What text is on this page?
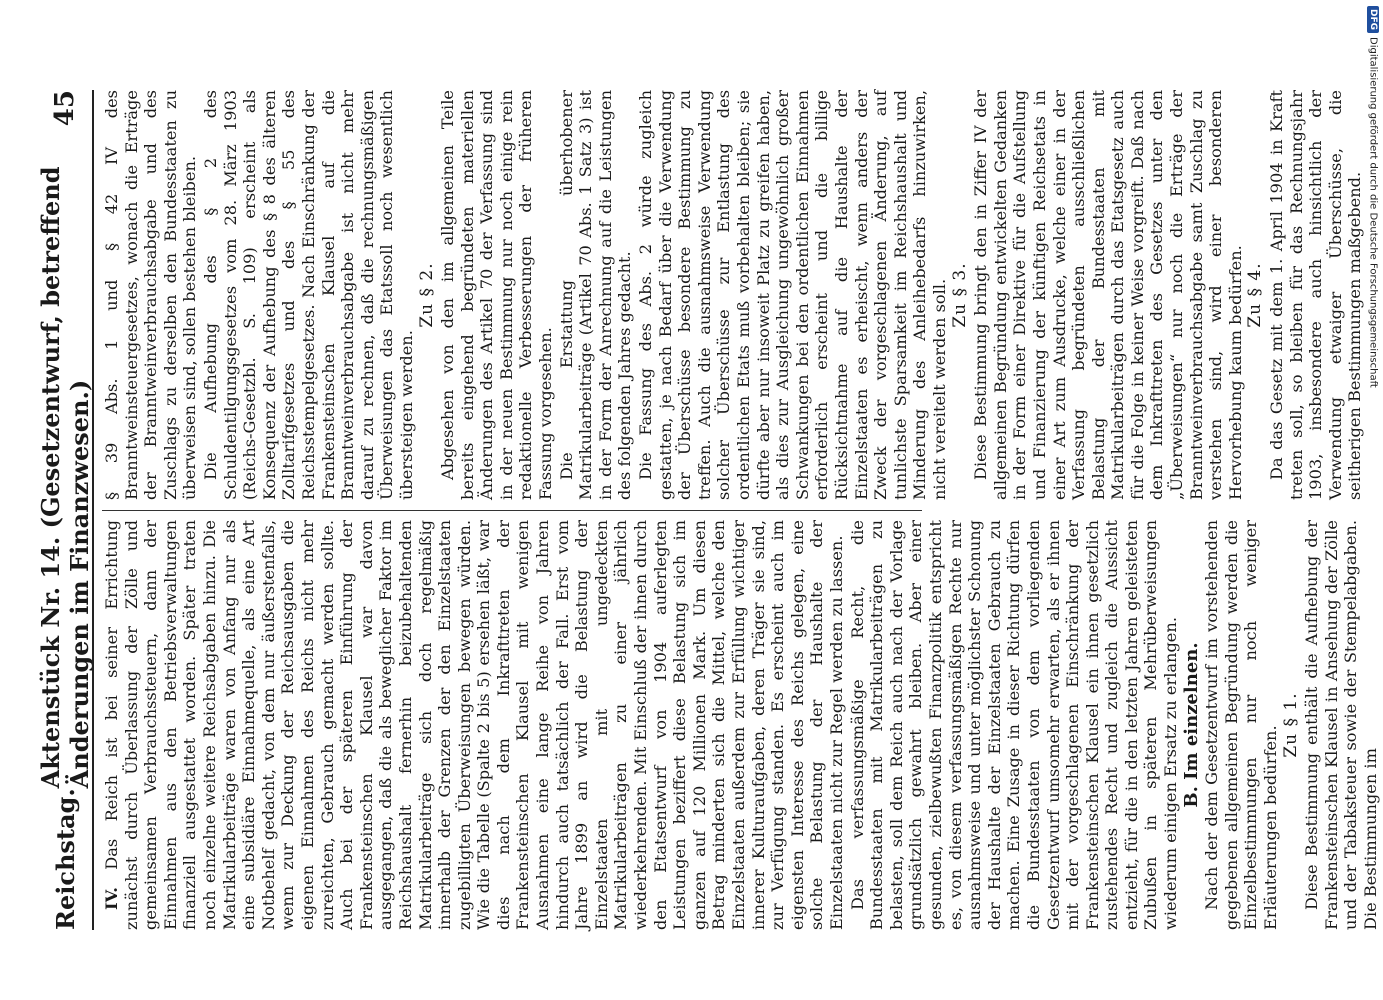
Reichstag.
Aktenstück Nr. 14. (Gesetzentwurf, betreffend Änderungen im Finanzwesen.)
45

IV. Das Reich ist bei seiner Errichtung zunächst durch Überlassung der Zölle und gemeinsamen Verbrauchssteuern, dann der Einnahmen aus den Betriebsverwaltungen finanziell ausgestattet worden. Später traten noch einzelne weitere Reichsabgaben hinzu. Die Matrikularbeiträge waren von Anfang nur als eine subsidiäre Einnahmequelle, als eine Art Notbehelf gedacht, von dem nur äußerstenfalls, wenn zur Deckung der Reichsausgaben die eigenen Einnahmen des Reichs nicht mehr zureichten, Gebrauch gemacht werden sollte. Auch bei der späteren Einführung der Frankensteinschen Klausel war davon ausgegangen, daß die als beweglicher Faktor im Reichshaushalt fernerhin beizubehaltenden Matrikularbeiträge sich doch regelmäßig innerhalb der Grenzen der den Einzelstaaten zugebilligten Überweisungen bewegen würden. Wie die Tabelle (Spalte 2 bis 5) ersehen läßt, war dies nach dem Inkrafttreten der Frankensteinschen Klausel mit wenigen Ausnahmen eine lange Reihe von Jahren hindurch auch tatsächlich der Fall. Erst vom Jahre 1899 an wird die Belastung der Einzelstaaten mit ungedeckten Matrikularbeiträgen zu einer jährlich wiederkehrenden. Mit Einschluß der ihnen durch den Etatsentwurf von 1904 auferlegten Leistungen beziffert diese Belastung sich im ganzen auf 120 Millionen Mark. Um diesen Betrag minderten sich die Mittel, welche den Einzelstaaten außerdem zur Erfüllung wichtiger innerer Kulturaufgaben, deren Träger sie sind, zur Verfügung standen. Es erscheint auch im eigensten Interesse des Reichs gelegen, eine solche Belastung der Haushalte der Einzelstaaten nicht zur Regel werden zu lassen. Das verfassungsmäßige Recht, die Bundesstaaten mit Matrikularbeiträgen zu belasten, soll dem Reich auch nach der Vorlage grundsätzlich gewahrt bleiben. Aber einer gesunden, zielbewußten Finanzpolitik entspricht es, von diesem verfassungsmäßigen Rechte nur ausnahmsweise und unter möglichster Schonung der Haushalte der Einzelstaaten Gebrauch zu machen. Eine Zusage in dieser Richtung dürfen die Bundesstaaten von dem vorliegenden Gesetzentwurf umsomehr erwarten, als er ihnen mit der vorgeschlagenen Einschränkung der Frankensteinschen Klausel ein ihnen gesetzlich zustehendes Recht und zugleich die Aussicht entzieht, für die in den letzten Jahren geleisteten Zubußen in späteren Mehrüberweisungen wiederum einigen Ersatz zu erlangen. B. Im einzelnen. Nach der dem Gesetzentwurf im vorstehenden gegebenen allgemeinen Begründung werden die Einzelbestimmungen nur noch weniger Erläuterungen bedürfen.

Zu § 1. Diese Bestimmung enthält die Aufhebung der Frankensteinschen Klausel in Ansehung der Zölle und der Tabaksteuer sowie der Stempelabgaben. Die Bestimmungen im

§ 39 Abs. 1 und § 42 IV des Branntweinsteuergesetzes, wonach die Erträge der Branntweinverbrauchsabgabe und des Zuschlags zu derselben den Bundesstaaten zu überweisen sind, sollen bestehen bleiben. Die Aufhebung des § 2 des Schuldentilgungsgesetzes vom 28. März 1903 (Reichs-Gesetzbl. S. 109) erscheint als Konsequenz der Aufhebung des § 8 des älteren Zolltarifgesetzes und des § 55 des Reichsstempelgesetzes. Nach Einschränkung der Frankensteinschen Klausel auf die Branntweinverbrauchsabgabe ist nicht mehr darauf zu rechnen, daß die rechnungsmäßigen Überweisungen das Etatssoll noch wesentlich übersteigen werden.

Zu § 2. Abgesehen von den im allgemeinen Teile bereits eingehend begründeten materiellen Änderungen des Artikel 70 der Verfassung sind in der neuen Bestimmung nur noch einige rein redaktionelle Verbesserungen der früheren Fassung vorgesehen. Die Erstattung überhobener Matrikularbeiträge (Artikel 70 Abs. 1 Satz 3) ist in der Form der Anrechnung auf die Leistungen des folgenden Jahres gedacht. Die Fassung des Abs. 2 würde zugleich gestatten, je nach Bedarf über die Verwendung der Überschüsse besondere Bestimmung zu treffen. Auch die ausnahmsweise Verwendung solcher Überschüsse zur Entlastung des ordentlichen Etats muß vorbehalten bleiben; sie dürfte aber nur insoweit Platz zu greifen haben, als dies zur Ausgleichung ungewöhnlich großer Schwankungen bei den ordentlichen Einnahmen erforderlich erscheint und die billige Rücksichtnahme auf die Haushalte der Einzelstaaten es erheischt, wenn anders der Zweck der vorgeschlagenen Änderung, auf tunlichste Sparsamkeit im Reichshaushalt und Minderung des Anleihebedarfs hinzuwirken, nicht vereitelt werden soll. Zu § 3. Diese Bestimmung bringt den in Ziffer IV der allgemeinen Begründung entwickelten Gedanken in der Form einer Direktive für die Aufstellung und Finanzierung der künftigen Reichsetats in einer Art zum Ausdrucke, welche einer in der Verfassung begründeten ausschließlichen Belastung der Bundesstaaten mit Matrikularbeiträgen durch das Etatsgesetz auch für die Folge in keiner Weise vorgreift. Daß nach dem Inkrafttreten des Gesetzes unter den „Überweisungen“ nur noch die Erträge der Branntweinverbrauchsabgabe samt Zuschlag zu verstehen sind, wird einer besonderen Hervorhebung kaum bedürfen. Zu § 4. Da das Gesetz mit dem 1. April 1904 in Kraft treten soll, so bleiben für das Rechnungsjahr 1903, insbesondere auch hinsichtlich der Verwendung etwaiger Überschüsse, die seitherigen Bestimmungen maßgebend.

DFG
Digitalisierung gefördert durch die Deutsche Forschungsgemeinschaft
